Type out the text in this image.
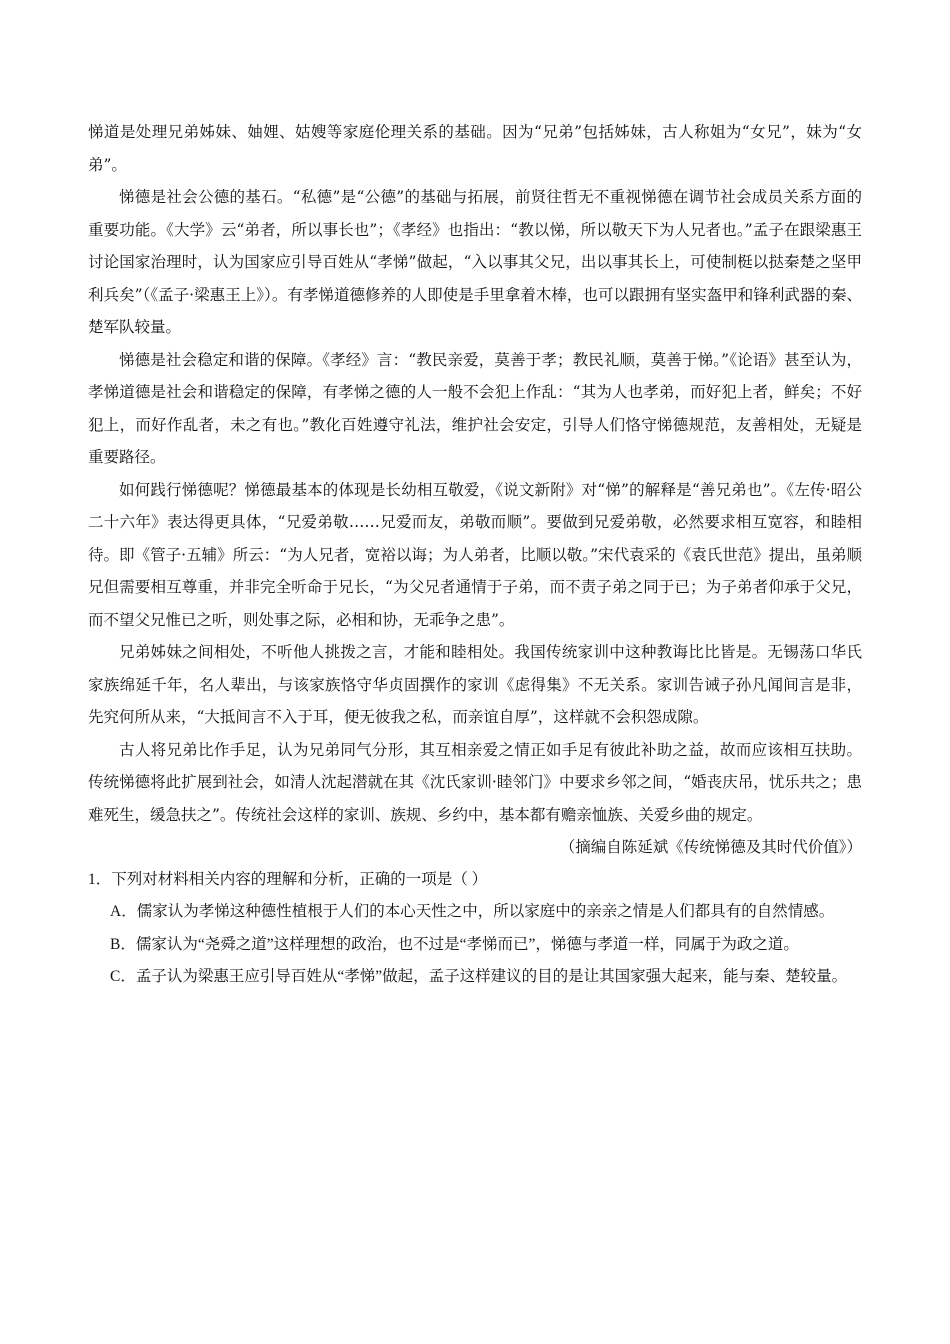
悌道是处理兄弟姊妹、妯娌、姑嫂等家庭伦理关系的基础。因为“兄弟”包括姊妹，古人称姐为“女兄”，妹为“女弟”。

悌德是社会公德的基石。“私德”是“公德”的基础与拓展，前贤往哲无不重视悌德在调节社会成员关系方面的重要功能。《大学》云“弟者，所以事长也”；《孝经》也指出：“教以悌，所以敬天下为人兄者也。”孟子在跟梁惠王讨论国家治理时，认为国家应引导百姓从“孝悌”做起，“入以事其父兄，出以事其长上，可使制梃以挞秦楚之坚甲利兵矣”（《孟子·梁惠王上》）。有孝悌道德修养的人即使是手里拿着木棒，也可以跟拥有坚实盔甲和锋利武器的秦、楚军队较量。

悌德是社会稳定和谐的保障。《孝经》言：“教民亲爱，莫善于孝；教民礼顺，莫善于悌。”《论语》甚至认为，孝悌道德是社会和谐稳定的保障，有孝悌之德的人一般不会犯上作乱：“其为人也孝弟，而好犯上者，鲜矣；不好犯上，而好作乱者，未之有也。”教化百姓遵守礼法，维护社会安定，引导人们恪守悌德规范，友善相处，无疑是重要路径。

如何践行悌德呢？悌德最基本的体现是长幼相互敬爱，《说文新附》对“悌”的解释是“善兄弟也”。《左传·昭公二十六年》表达得更具体，“兄爱弟敬……兄爱而友，弟敬而顺”。要做到兄爱弟敬，必然要求相互宽容，和睦相待。即《管子·五辅》所云：“为人兄者，宽裕以诲；为人弟者，比顺以敬。”宋代袁采的《袁氏世范》提出，虽弟顺兄但需要相互尊重，并非完全听命于兄长，“为父兄者通情于子弟，而不责子弟之同于已；为子弟者仰承于父兄，而不望父兄惟已之听，则处事之际，必相和协，无乖争之患”。

兄弟姊妹之间相处，不听他人挑拨之言，才能和睦相处。我国传统家训中这种教诲比比皆是。无锡荡口华氏家族绵延千年，名人辈出，与该家族恪守华贞固撰作的家训《虑得集》不无关系。家训告诫子孙凡闻间言是非，先究何所从来，“大抵间言不入于耳，便无彼我之私，而亲谊自厚”，这样就不会积怨成隙。

古人将兄弟比作手足，认为兄弟同气分形，其互相亲爱之情正如手足有彼此补助之益，故而应该相互扶助。传统悌德将此扩展到社会，如清人沈起潜就在其《沈氏家训·睦邻门》中要求乡邻之间，“婚丧庆吊，忧乐共之；患难死生，缓急扶之”。传统社会这样的家训、族规、乡约中，基本都有赡亲恤族、关爱乡曲的规定。

（摘编自陈延斌《传统悌德及其时代价值》）

1．下列对材料相关内容的理解和分析，正确的一项是（ ）

A．儒家认为孝悌这种德性植根于人们的本心天性之中，所以家庭中的亲亲之情是人们都具有的自然情感。

B．儒家认为“尧舜之道”这样理想的政治，也不过是“孝悌而已”，悌德与孝道一样，同属于为政之道。

C．孟子认为梁惠王应引导百姓从“孝悌”做起，孟子这样建议的目的是让其国家强大起来，能与秦、楚较量。
